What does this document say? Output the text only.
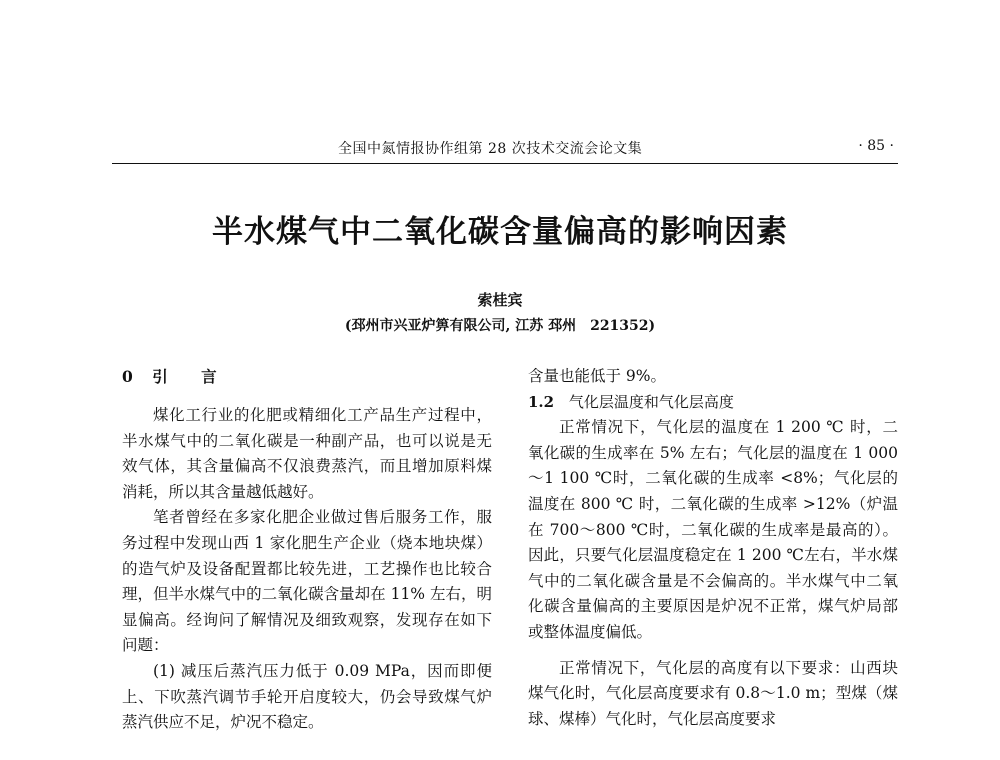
全国中氮情报协作组第 28 次技术交流会论文集	· 85 ·
半水煤气中二氧化碳含量偏高的影响因素
索桂宾
(邳州市兴亚炉箅有限公司, 江苏 邳州　221352)
0 引 言

煤化工行业的化肥或精细化工产品生产过程中，半水煤气中的二氧化碳是一种副产品，也可以说是无效气体，其含量偏高不仅浪费蒸汽，而且增加原料煤消耗，所以其含量越低越好。

笔者曾经在多家化肥企业做过售后服务工作，服务过程中发现山西 1 家化肥生产企业（烧本地块煤）的造气炉及设备配置都比较先进，工艺操作也比较合理，但半水煤气中的二氧化碳含量却在 11% 左右，明显偏高。经询问了解情况及细致观察，发现存在如下问题：

(1) 减压后蒸汽压力低于 0.09 MPa，因而即便上、下吹蒸汽调节手轮开启度较大，仍会导致煤气炉蒸汽供应不足，炉况不稳定。

含量也能低于 9%。

1.2 气化层温度和气化层高度

正常情况下，气化层的温度在 1 200 ℃ 时，二氧化碳的生成率在 5% 左右；气化层的温度在 1 000～1 100 ℃时，二氧化碳的生成率 <8%；气化层的温度在 800 ℃ 时，二氧化碳的生成率 >12%（炉温在 700～800 ℃时，二氧化碳的生成率是最高的）。因此，只要气化层温度稳定在 1 200 ℃左右，半水煤气中的二氧化碳含量是不会偏高的。半水煤气中二氧化碳含量偏高的主要原因是炉况不正常，煤气炉局部或整体温度偏低。

正常情况下，气化层的高度有以下要求：山西块煤气化时，气化层高度要求有 0.8～1.0 m；型煤（煤球、煤棒）气化时，气化层高度要求
